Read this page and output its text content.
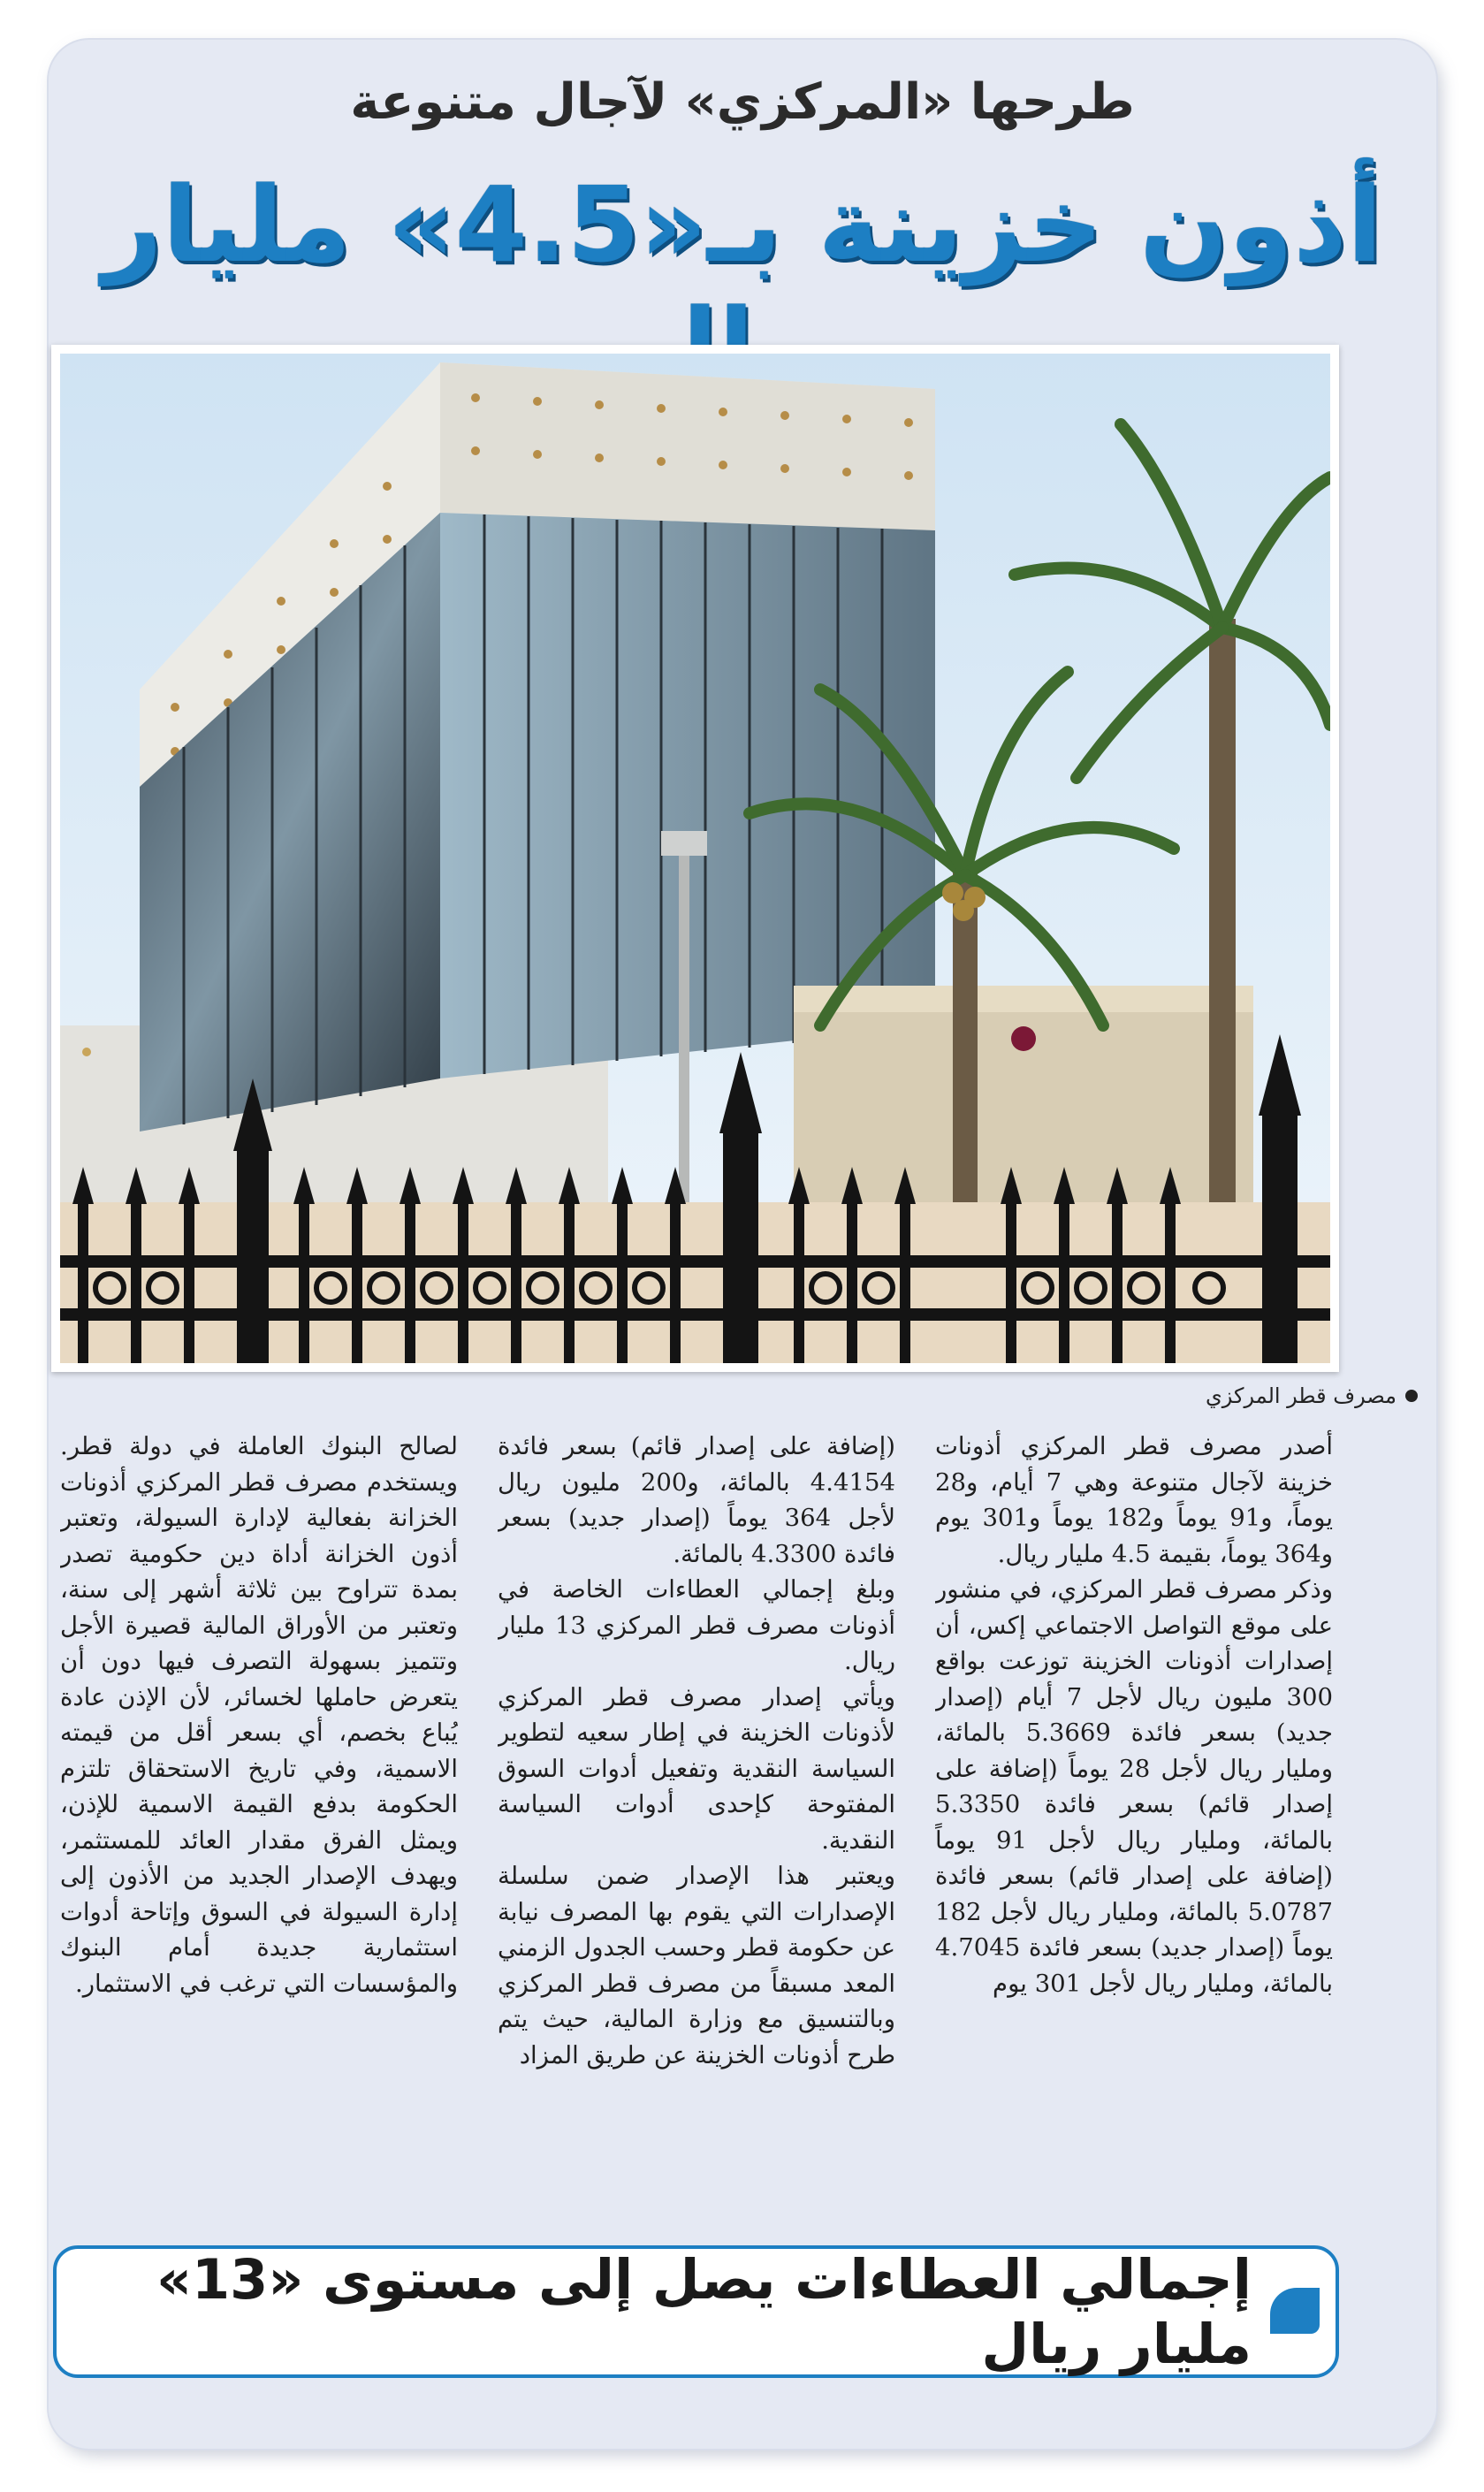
طرحها «المركزي» لآجال متنوعة
أذون خزينة بـ«4.5» مليار
مصرف قطر المركزي
أصدر مصرف قطر المركزي أذونات خزينة لآجال متنوعة وهي 7 أيام، و28 يوماً، و91 يوماً و182 يوماً و301 يوم و364 يوماً، بقيمة 4.5 مليار ريال.
وذكر مصرف قطر المركزي، في منشور على موقع التواصل الاجتماعي إكس، أن إصدارات أذونات الخزينة توزعت بواقع 300 مليون ريال لأجل 7 أيام (إصدار جديد) بسعر فائدة 5.3669 بالمائة، ومليار ريال لأجل 28 يوماً (إضافة على إصدار قائم) بسعر فائدة 5.3350 بالمائة، ومليار ريال لأجل 91 يوماً (إضافة على إصدار قائم) بسعر فائدة 5.0787 بالمائة، ومليار ريال لأجل 182 يوماً (إصدار جديد) بسعر فائدة 4.7045 بالمائة، ومليار ريال لأجل 301 يوم
(إضافة على إصدار قائم) بسعر فائدة 4.4154 بالمائة، و200 مليون ريال لأجل 364 يوماً (إصدار جديد) بسعر فائدة 4.3300 بالمائة.
وبلغ إجمالي العطاءات الخاصة في أذونات مصرف قطر المركزي 13 مليار ريال.
ويأتي إصدار مصرف قطر المركزي لأذونات الخزينة في إطار سعيه لتطوير السياسة النقدية وتفعيل أدوات السوق المفتوحة كإحدى أدوات السياسة النقدية.
ويعتبر هذا الإصدار ضمن سلسلة الإصدارات التي يقوم بها المصرف نيابة عن حكومة قطر وحسب الجدول الزمني المعد مسبقاً من مصرف قطر المركزي وبالتنسيق مع وزارة المالية، حيث يتم طرح أذونات الخزينة عن طريق المزاد
لصالح البنوك العاملة في دولة قطر. ويستخدم مصرف قطر المركزي أذونات الخزانة بفعالية لإدارة السيولة، وتعتبر أذون الخزانة أداة دين حكومية تصدر بمدة تتراوح بين ثلاثة أشهر إلى سنة، وتعتبر من الأوراق المالية قصيرة الأجل وتتميز بسهولة التصرف فيها دون أن يتعرض حاملها لخسائر، لأن الإذن عادة يُباع بخصم، أي بسعر أقل من قيمته الاسمية، وفي تاريخ الاستحقاق تلتزم الحكومة بدفع القيمة الاسمية للإذن، ويمثل الفرق مقدار العائد للمستثمر، ويهدف الإصدار الجديد من الأذون إلى إدارة السيولة في السوق وإتاحة أدوات استثمارية جديدة أمام البنوك والمؤسسات التي ترغب في الاستثمار.
إجمالي العطاءات يصل إلى مستوى «13» مليار ريال
